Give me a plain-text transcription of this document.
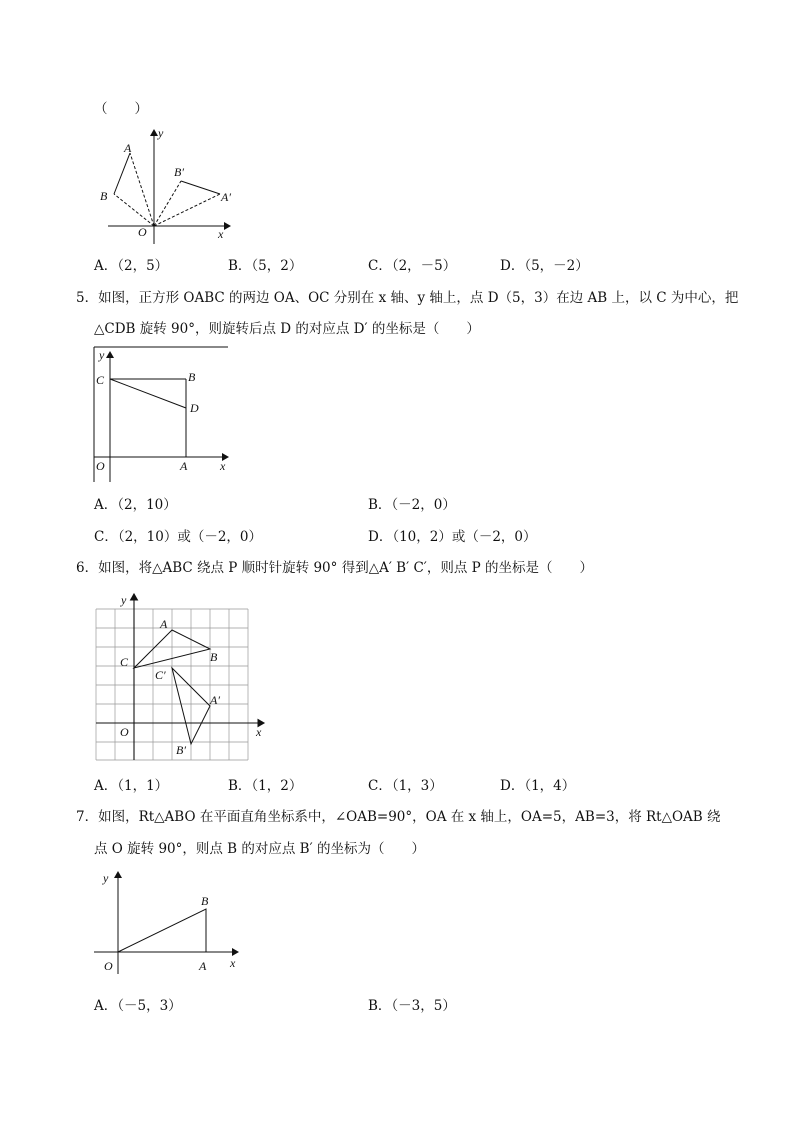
（　　）
y
x
O
A
B
B′
A′
A．（2，5）	B．（5，2）	C．（2，－5）	D．（5，－2）
5．如图，正方形 OABC 的两边 OA、OC 分别在 x 轴、y 轴上，点 D（5，3）在边 AB 上，以 C 为中心，把
△CDB 旋转 90°，则旋转后点 D 的对应点 D′ 的坐标是（　　）
y
x
O	A
B
C
D
A．（2，10）	B．（－2，0）
C．（2，10）或（－2，0）	D．（10，2）或（－2，0）
6．如图，将△ABC 绕点 P 顺时针旋转 90° 得到△A′ B′ C′，则点 P 的坐标是（　　）
y
x
O
A
B
C
A′
B′
C′
A．（1，1）	B．（1，2）	C．（1，3）	D．（1，4）
7．如图，Rt△ABO 在平面直角坐标系中，∠OAB=90°，OA 在 x 轴上，OA=5，AB=3，将 Rt△OAB 绕
点 O 旋转 90°，则点 B 的对应点 B′ 的坐标为（　　）
y
x
O	A
B
A．（－5，3）	B．（－3，5）
